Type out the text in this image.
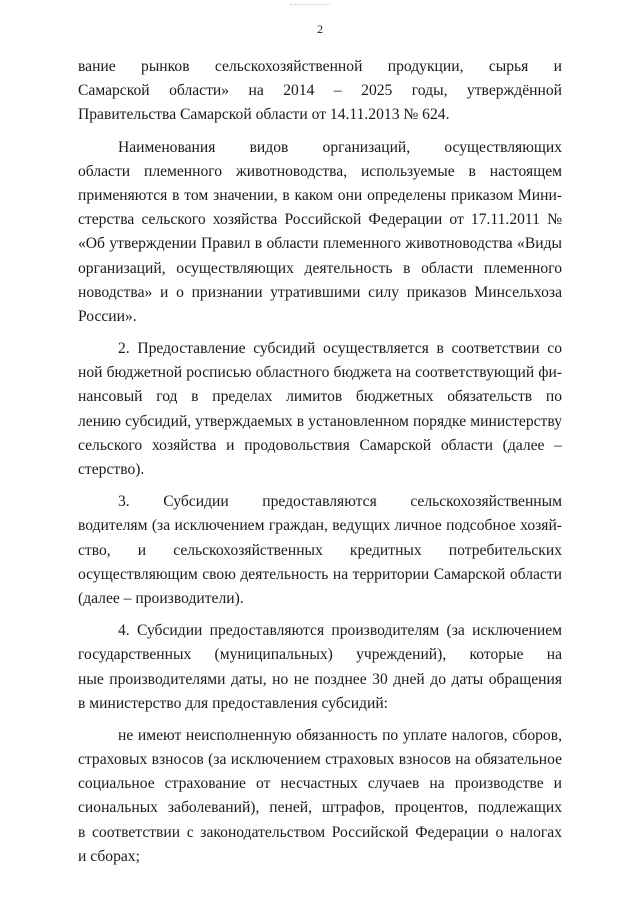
2
вание рынков сельскохозяйственной продукции, сырья и
Самарской области» на 2014 – 2025 годы, утверждённой
Правительства Самарской области от 14.11.2013 № 624.
Наименования видов организаций, осуществляющих
области племенного животноводства, используемые в настоящем
применяются в том значении, в каком они определены приказом Мини-
стерства сельского хозяйства Российской Федерации от 17.11.2011 №
«Об утверждении Правил в области племенного животноводства «Виды
организаций, осуществляющих деятельность в области племенного
новодства» и о признании утратившими силу приказов Минсельхоза
России».
2. Предоставление субсидий осуществляется в соответствии со
ной бюджетной росписью областного бюджета на соответствующий фи-
нансовый год в пределах лимитов бюджетных обязательств по
лению субсидий, утверждаемых в установленном порядке министерству
сельского хозяйства и продовольствия Самарской области (далее –
стерство).
3. Субсидии предоставляются сельскохозяйственным
водителям (за исключением граждан, ведущих личное подсобное хозяй-
ство, и сельскохозяйственных кредитных потребительских
осуществляющим свою деятельность на территории Самарской области
(далее – производители).
4. Субсидии предоставляются производителям (за исключением
государственных (муниципальных) учреждений), которые на
ные производителями даты, но не позднее 30 дней до даты обращения
в министерство для предоставления субсидий:
не имеют неисполненную обязанность по уплате налогов, сборов,
страховых взносов (за исключением страховых взносов на обязательное
социальное страхование от несчастных случаев на производстве и
сиональных заболеваний), пеней, штрафов, процентов, подлежащих
в соответствии с законодательством Российской Федерации о налогах
и сборах;
